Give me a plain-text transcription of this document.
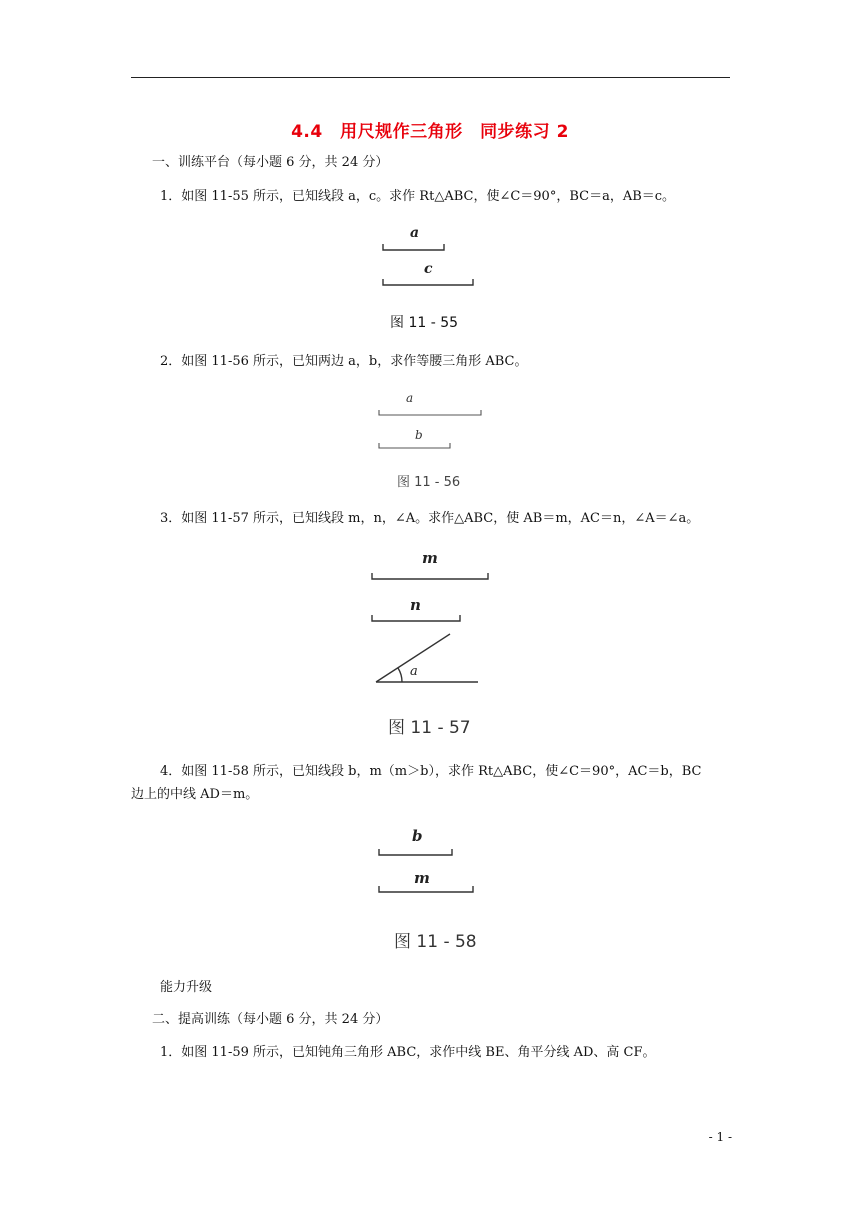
4.4　用尺规作三角形　同步练习 2
一、训练平台（每小题 6 分，共 24 分）
1．如图 11-55 所示，已知线段 a，c。求作 Rt△ABC，使∠C＝90°，BC＝a，AB＝c。
a
c
图 11 - 55
2．如图 11-56 所示，已知两边 a，b，求作等腰三角形 ABC。
a
b
图 11 - 56
3．如图 11-57 所示，已知线段 m，n，∠A。求作△ABC，使 AB＝m，AC＝n，∠A＝∠a。
m
n
a
图 11 - 57
4．如图 11-58 所示，已知线段 b，m（m＞b），求作 Rt△ABC，使∠C＝90°，AC＝b，BC
边上的中线 AD＝m。
b
m
图 11 - 58
能力升级
二、提高训练（每小题 6 分，共 24 分）
1．如图 11-59 所示，已知钝角三角形 ABC，求作中线 BE、角平分线 AD、高 CF。
- 1 -
